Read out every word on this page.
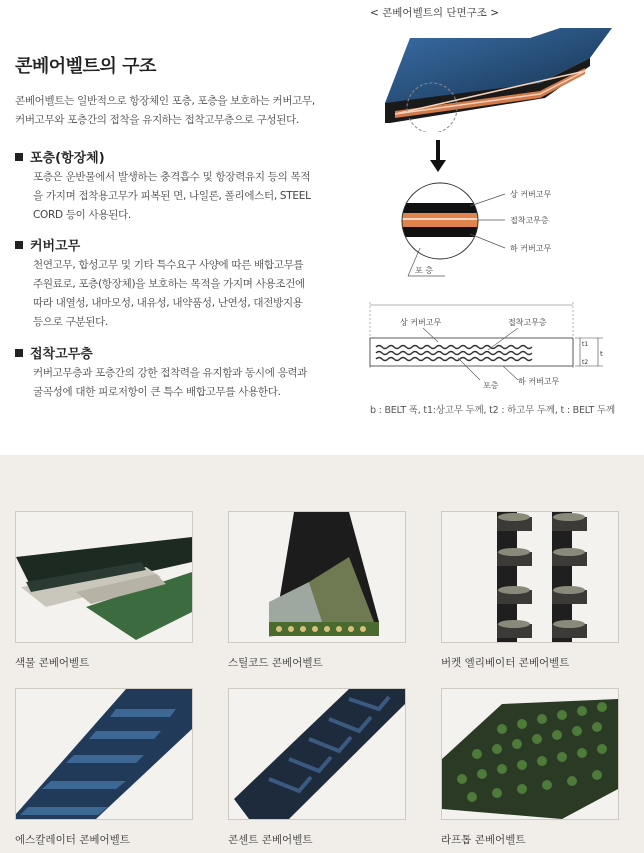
콘베어벨트의 구조
콘베어벨트는 일반적으로 항장체인 포층, 포층을 보호하는 커버고무,
커버고무와 포층간의 접착을 유지하는 접착고무층으로 구성된다.
포층(항장체)
포층은 운반물에서 발생하는 충격흡수 및 항장력유지 등의 목적
을 가지며 접착용고무가 피복된 면, 나일론, 폴리에스터, STEEL
CORD 등이 사용된다.
커버고무
천연고무, 합성고무 및 기타 특수요구 사양에 따른 배합고무를
주원료로, 포층(항장체)을 보호하는 목적을 가지며 사용조건에
따라 내열성, 내마모성, 내유성, 내약품성, 난연성, 대전방지용
등으로 구분된다.
접착고무층
커버고무층과 포층간의 강한 접착력을 유지함과 동시에 응력과
굴곡성에 대한 피로저항이 큰 특수 배합고무를 사용한다.
< 콘베어벨트의 단면구조 >
상 커버고무
접착고무층
하 커버고무
포 층
상 커버고무	접착고무층
포층 하 커버고무
t1
t
t2
b : BELT 폭, t1:상고무 두께, t2 : 하고무 두께, t : BELT 두께
색물 콘베어벨트	스틸코드 콘베어벨트	버켓 엘리베이터 콘베어벨트
에스칼레이터 콘베어벨트	콘센트 콘베어벨트	라프톱 콘베어벨트
